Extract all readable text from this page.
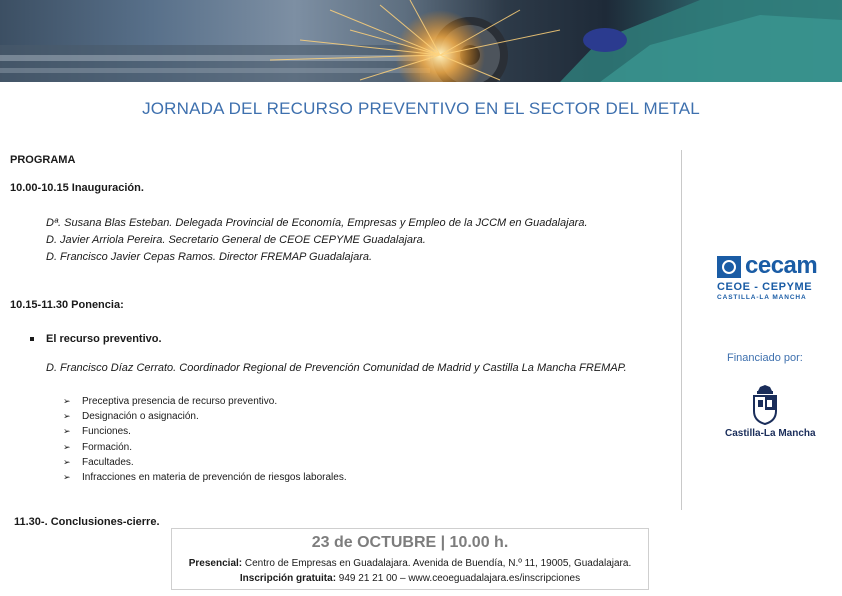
JORNADA DEL RECURSO PREVENTIVO EN EL SECTOR DEL METAL
PROGRAMA
10.00-10.15 Inauguración.
Dª. Susana Blas Esteban. Delegada Provincial de Economía, Empresas y Empleo de la JCCM en Guadalajara.
D. Javier Arriola Pereira. Secretario General de CEOE CEPYME Guadalajara.
D. Francisco Javier Cepas Ramos. Director FREMAP Guadalajara.
10.15-11.30 Ponencia:
El recurso preventivo.
D. Francisco Díaz Cerrato. Coordinador Regional de Prevención Comunidad de Madrid y Castilla La Mancha FREMAP.
➢ Preceptiva presencia de recurso preventivo.
➢ Designación o asignación.
➢ Funciones.
➢ Formación.
➢ Facultades.
➢ Infracciones en materia de prevención de riesgos laborales.
11.30-. Conclusiones-cierre.
23 de OCTUBRE | 10.00 h.
Presencial: Centro de Empresas en Guadalajara. Avenida de Buendía, N.º 11, 19005, Guadalajara.
Inscripción gratuita: 949 21 21 00 – www.ceoeguadalajara.es/inscripciones
cecam
CEOE - CEPYME
CASTILLA-LA MANCHA
Financiado por:
Castilla-La Mancha
